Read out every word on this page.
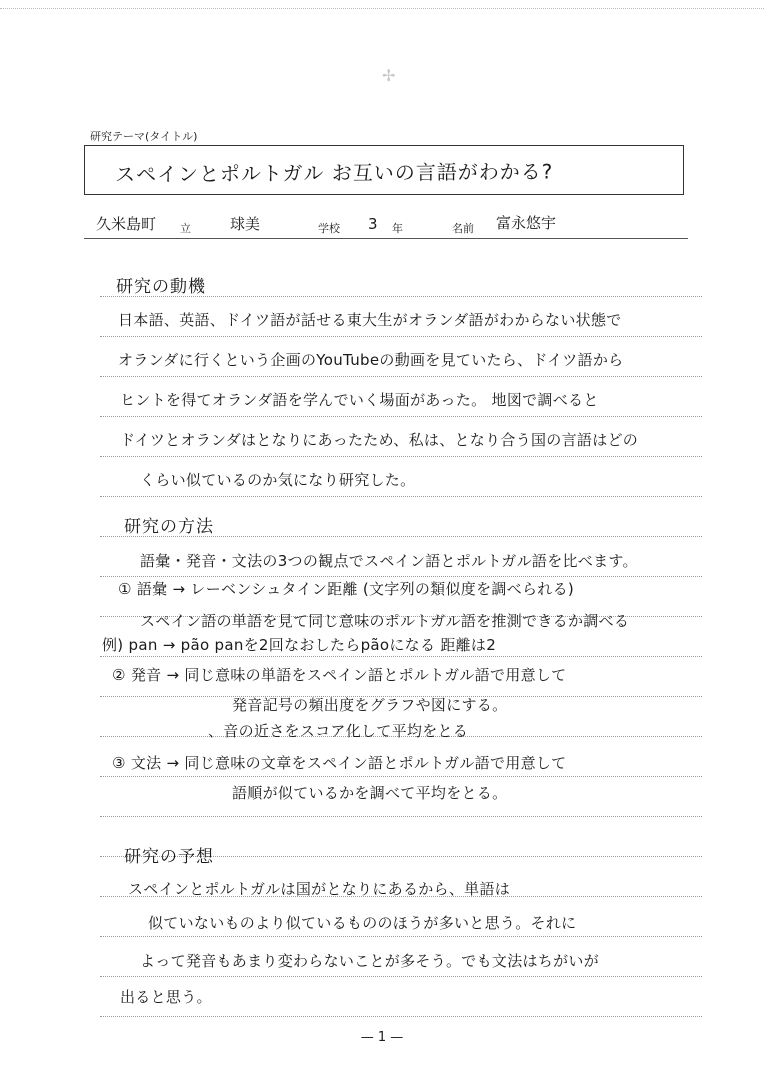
✢
研究テーマ(タイトル)
スペインとポルトガル お互いの言語がわかる?
久米島町 立	球美	学校 3 年	名前 富永悠宇
研究の動機
日本語、英語、ドイツ語が話せる東大生がオランダ語がわからない状態で
オランダに行くという企画のYouTubeの動画を見ていたら、ドイツ語から
ヒントを得てオランダ語を学んでいく場面があった。 地図で調べると
ドイツとオランダはとなりにあったため、私は、となり合う国の言語はどの
くらい似ているのか気になり研究した。
研究の方法
語彙・発音・文法の3つの観点でスペイン語とポルトガル語を比べます。
① 語彙 → レーベンシュタイン距離 (文字列の類似度を調べられる)
スペイン語の単語を見て同じ意味のポルトガル語を推測できるか調べる
例) pan → pão panを2回なおしたらpãoになる 距離は2
② 発音 → 同じ意味の単語をスペイン語とポルトガル語で用意して
発音記号の頻出度をグラフや図にする。
、音の近さをスコア化して平均をとる
③ 文法 → 同じ意味の文章をスペイン語とポルトガル語で用意して
語順が似ているかを調べて平均をとる。
研究の予想
スペインとポルトガルは国がとなりにあるから、単語は
似ていないものより似ているもののほうが多いと思う。それに
よって発音もあまり変わらないことが多そう。でも文法はちがいが
出ると思う。
— 1 —
